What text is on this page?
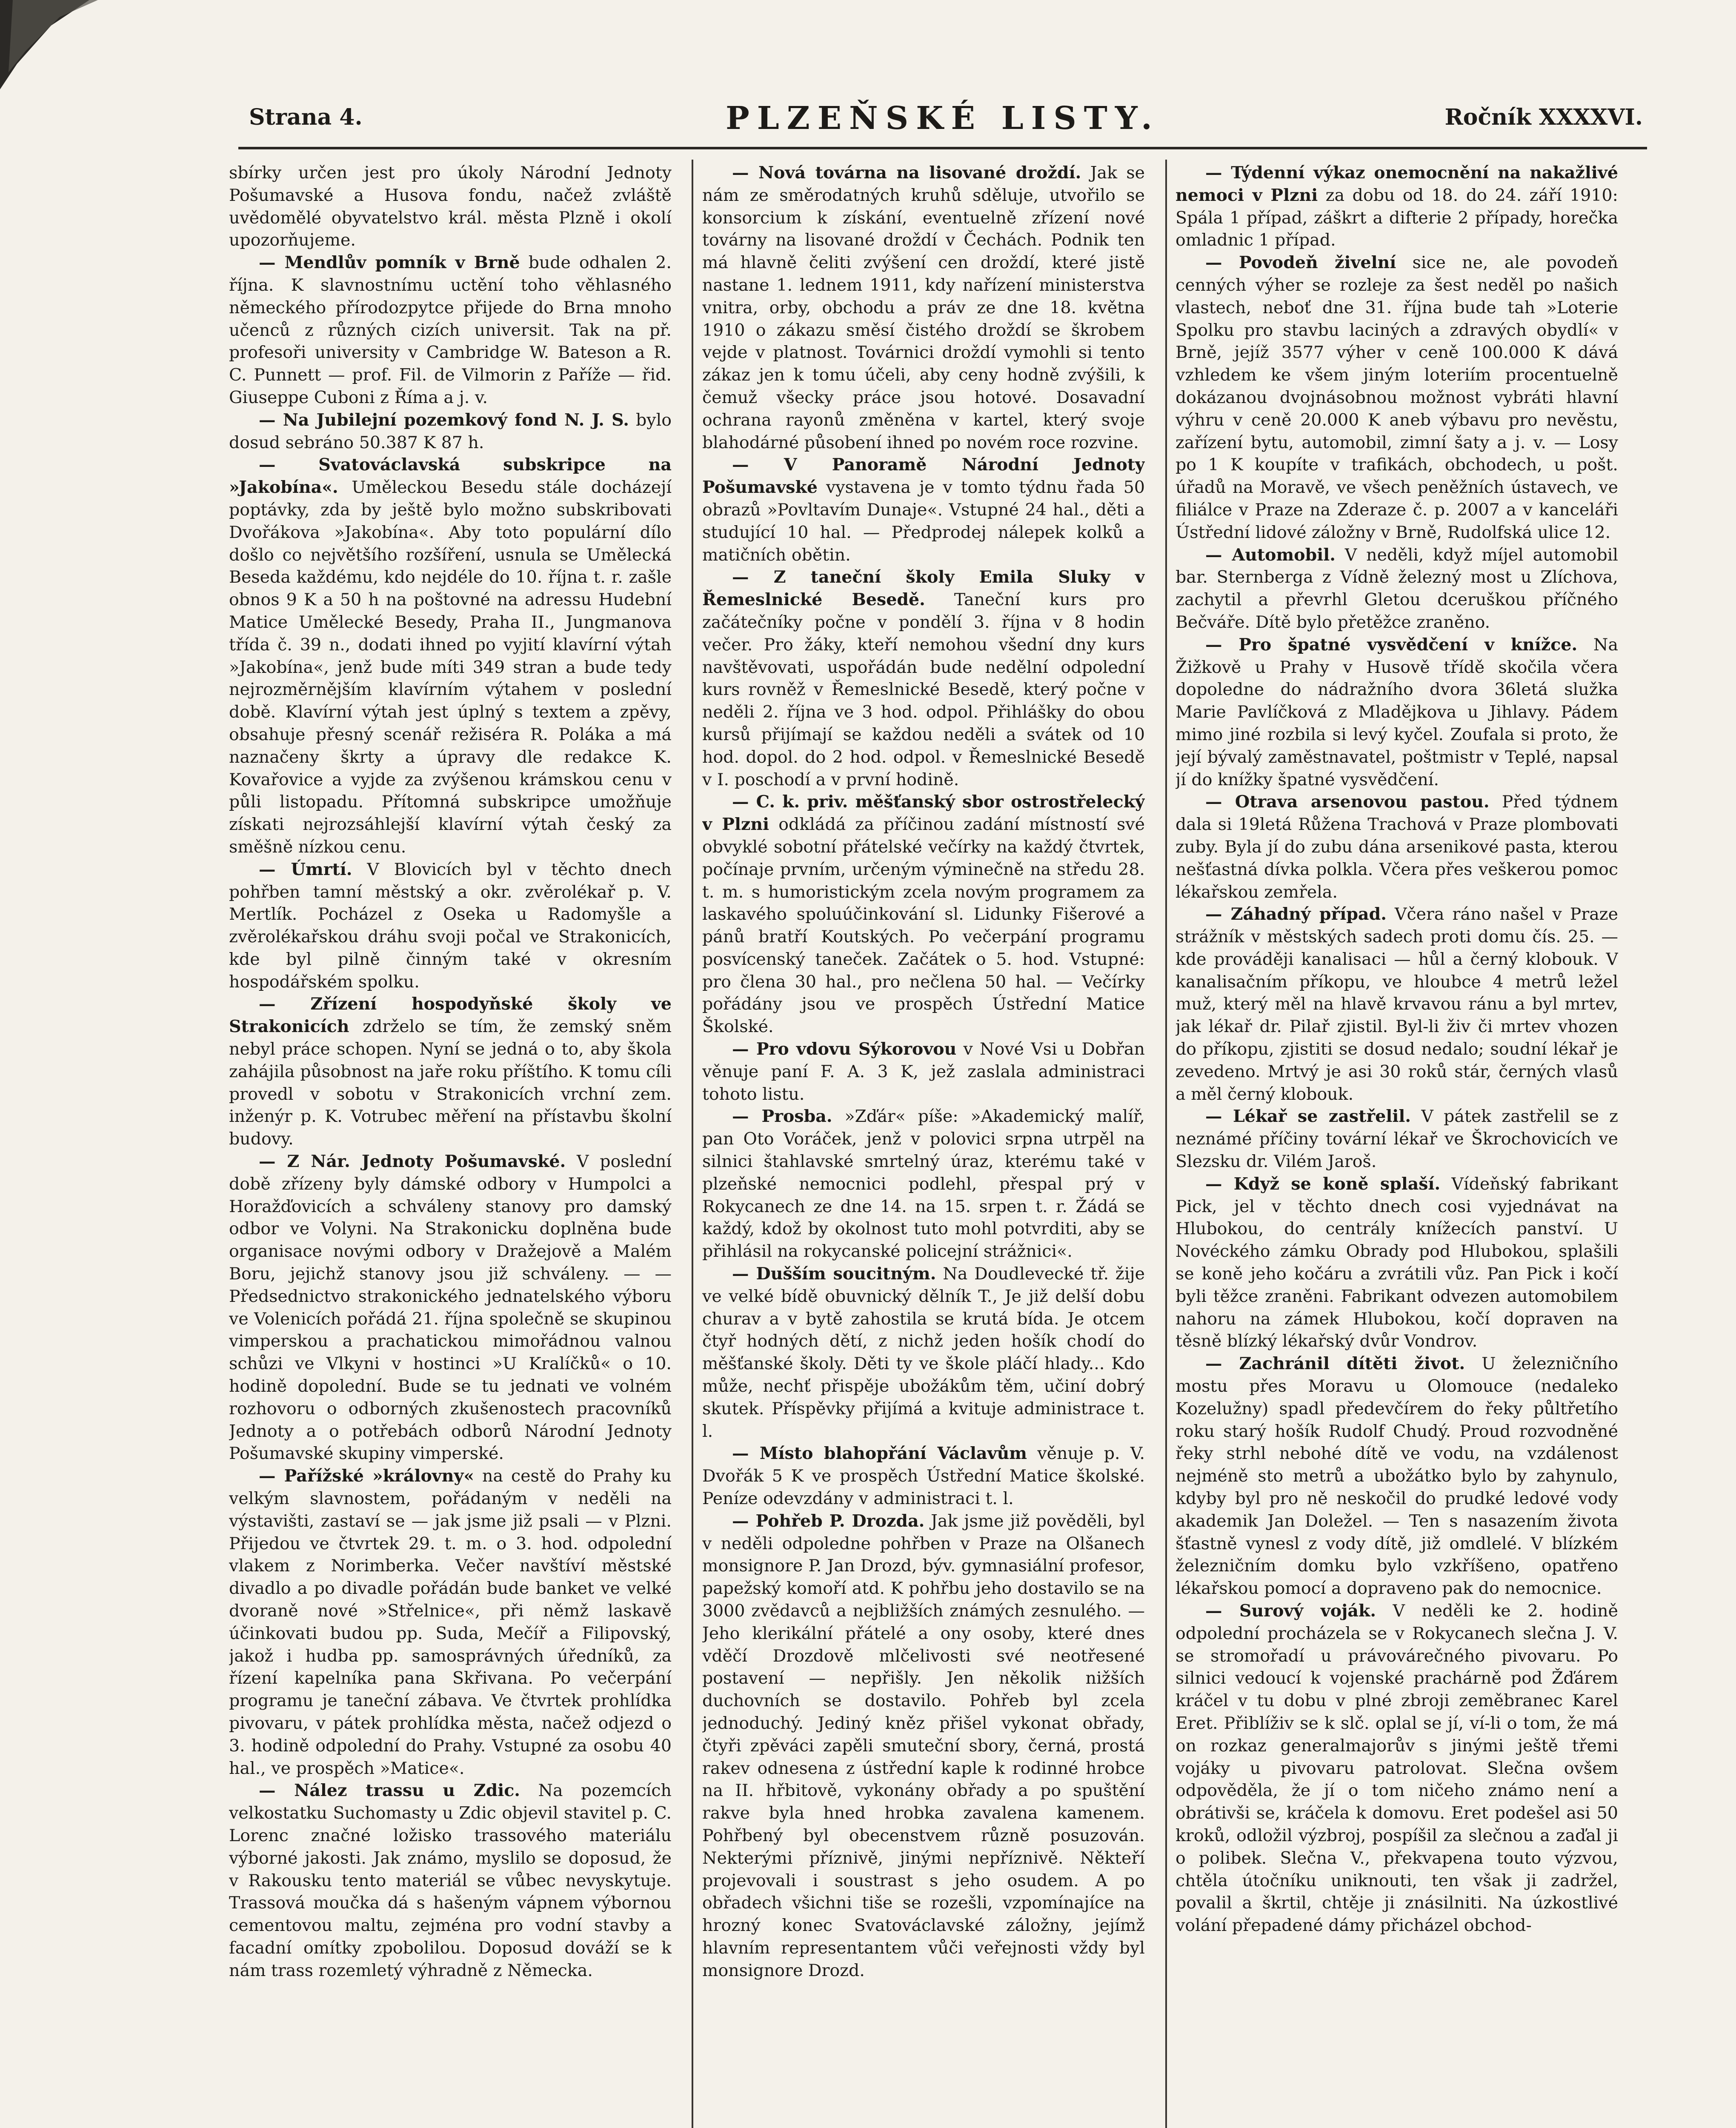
Strana 4.	PLZEŇSKÉ LISTY.	Ročník XXXXVI.

sbírky určen jest pro úkoly Národní Jednoty Pošumavské a Husova fondu, načež zvláště uvědomělé obyvatelstvo král. města Plzně i okolí upozorňujeme.

— Mendlův pomník v Brně bude odhalen 2. října. K slavnostnímu uctění toho věhlasného německého přírodozpytce přijede do Brna mnoho učenců z různých cizích universit. Tak na př. profesoři university v Cambridge W. Bateson a R. C. Punnett — prof. Fil. de Vilmorin z Paříže — řid. Giuseppe Cuboni z Říma a j. v.

— Na Jubilejní pozemkový fond N. J. S. bylo dosud sebráno 50.387 K 87 h.

— Svatováclavská subskripce na »Jakobína«. Uměleckou Besedu stále docházejí poptávky, zda by ještě bylo možno subskribovati Dvořákova »Jakobína«. Aby toto populární dílo došlo co největšího rozšíření, usnula se Umělecká Beseda každému, kdo nejdéle do 10. října t. r. zašle obnos 9 K a 50 h na poštovné na adressu Hudební Matice Umělecké Besedy, Praha II., Jungmanova třída č. 39 n., dodati ihned po vyjití klavírní výtah »Jakobína«, jenž bude míti 349 stran a bude tedy nejrozměrnějším klavírním výtahem v poslední době. Klavírní výtah jest úplný s textem a zpěvy, obsahuje přesný scenář režiséra R. Poláka a má naznačeny škrty a úpravy dle redakce K. Kovařovice a vyjde za zvýšenou krámskou cenu v půli listopadu. Přítomná subskripce umožňuje získati nejrozsáhlejší klavírní výtah český za směšně nízkou cenu.

— Úmrtí. V Blovicích byl v těchto dnech pohřben tamní městský a okr. zvěrolékař p. V. Mertlík. Pocházel z Oseka u Radomyšle a zvěrolékařskou dráhu svoji počal ve Strakonicích, kde byl pilně činným také v okresním hospodářském spolku.

— Zřízení hospodyňské školy ve Strakonicích zdrželo se tím, že zemský sněm nebyl práce schopen. Nyní se jedná o to, aby škola zahájila působnost na jaře roku příštího. K tomu cíli provedl v sobotu v Strakonicích vrchní zem. inženýr p. K. Votrubec měření na přístavbu školní budovy.

— Z Nár. Jednoty Pošumavské. V poslední době zřízeny byly dámské odbory v Humpolci a Horažďovicích a schváleny stanovy pro damský odbor ve Volyni. Na Strakonicku doplněna bude organisace novými odbory v Dražejově a Malém Boru, jejichž stanovy jsou již schváleny. — — Předsednictvo strakonického jednatelského výboru ve Volenicích pořádá 21. října společně se skupinou vimperskou a prachatickou mimořádnou valnou schůzi ve Vlkyni v hostinci »U Kralíčků« o 10. hodině dopolední. Bude se tu jednati ve volném rozhovoru o odborných zkušenostech pracovníků Jednoty a o potřebách odborů Národní Jednoty Pošumavské skupiny vimperské.

— Pařížské »královny« na cestě do Prahy ku velkým slavnostem, pořádaným v neděli na výstavišti, zastaví se — jak jsme již psali — v Plzni. Přijedou ve čtvrtek 29. t. m. o 3. hod. odpolední vlakem z Norimberka. Večer navštíví městské divadlo a po divadle pořádán bude banket ve velké dvoraně nové »Střelnice«, při němž laskavě účinkovati budou pp. Suda, Mečíř a Filipovský, jakož i hudba pp. samosprávných úředníků, za řízení kapelníka pana Skřivana. Po večerpání programu je taneční zábava. Ve čtvrtek prohlídka pivovaru, v pátek prohlídka města, načež odjezd o 3. hodině odpolední do Prahy. Vstupné za osobu 40 hal., ve prospěch »Matice«.

— Nález trassu u Zdic. Na pozemcích velkostatku Suchomasty u Zdic objevil stavitel p. C. Lorenc značné ložisko trassového materiálu výborné jakosti. Jak známo, myslilo se doposud, že v Rakousku tento materiál se vůbec nevyskytuje. Trassová moučka dá s hašeným vápnem výbornou cementovou maltu, zejména pro vodní stavby a facadní omítky zpobolilou. Doposud dováží se k nám trass rozemletý výhradně z Německa.

— Nová továrna na lisované droždí. Jak se nám ze směrodatných kruhů sděluje, utvořilo se konsorcium k získání, eventuelně zřízení nové továrny na lisované droždí v Čechách. Podnik ten má hlavně čeliti zvýšení cen droždí, které jistě nastane 1. lednem 1911, kdy nařízení ministerstva vnitra, orby, obchodu a práv ze dne 18. května 1910 o zákazu směsí čistého droždí se škrobem vejde v platnost. Továrnici droždí vymohli si tento zákaz jen k tomu účeli, aby ceny hodně zvýšili, k čemuž všecky práce jsou hotové. Dosavadní ochrana rayonů změněna v kartel, který svoje blahodárné působení ihned po novém roce rozvine.

— V Panoramě Národní Jednoty Pošumavské vystavena je v tomto týdnu řada 50 obrazů »Povltavím Dunaje«. Vstupné 24 hal., děti a studující 10 hal. — Předprodej nálepek kolků a matičních obětin.

— Z taneční školy Emila Sluky v Řemeslnické Besedě. Taneční kurs pro začátečníky počne v pondělí 3. října v 8 hodin večer. Pro žáky, kteří nemohou všední dny kurs navštěvovati, uspořádán bude nedělní odpolední kurs rovněž v Řemeslnické Besedě, který počne v neděli 2. října ve 3 hod. odpol. Přihlášky do obou kursů přijímají se každou neděli a svátek od 10 hod. dopol. do 2 hod. odpol. v Řemeslnické Besedě v I. poschodí a v první hodině.

— C. k. priv. měšťanský sbor ostrostřelecký v Plzni odkládá za příčinou zadání místností své obvyklé sobotní přátelské večírky na každý čtvrtek, počínaje prvním, určeným výminečně na středu 28. t. m. s humoristickým zcela novým programem za laskavého spoluúčinkování sl. Lidunky Fišerové a pánů bratří Koutských. Po večerpání programu posvícenský taneček. Začátek o 5. hod. Vstupné: pro člena 30 hal., pro nečlena 50 hal. — Večírky pořádány jsou ve prospěch Ústřední Matice Školské.

— Pro vdovu Sýkorovou v Nové Vsi u Dobřan věnuje paní F. A. 3 K, jež zaslala administraci tohoto listu.

— Prosba. »Zďár« píše: »Akademický malíř, pan Oto Voráček, jenž v polovici srpna utrpěl na silnici štahlavské smrtelný úraz, kterému také v plzeňské nemocnici podlehl, přespal prý v Rokycanech ze dne 14. na 15. srpen t. r. Žádá se každý, kdož by okolnost tuto mohl potvrditi, aby se přihlásil na rokycanské policejní strážnici«.

— Dušším soucitným. Na Doudlevecké tř. žije ve velké bídě obuvnický dělník T., Je již delší dobu churav a v bytě zahostila se krutá bída. Je otcem čtyř hodných dětí, z nichž jeden hošík chodí do měšťanské školy. Děti ty ve škole pláčí hlady... Kdo může, nechť přispěje ubožákům těm, učiní dobrý skutek. Příspěvky přijímá a kvituje administrace t. l.

— Místo blahopřání Václavům věnuje p. V. Dvořák 5 K ve prospěch Ústřední Matice školské. Peníze odevzdány v administraci t. l.

— Pohřeb P. Drozda. Jak jsme již pověděli, byl v neděli odpoledne pohřben v Praze na Olšanech monsignore P. Jan Drozd, býv. gymnasiální profesor, papežský komoří atd. K pohřbu jeho dostavilo se na 3000 zvědavců a nejbližších známých zesnulého. — Jeho klerikální přátelé a ony osoby, které dnes vděčí Drozdově mlčelivosti své neotřesené postavení — nepřišly. Jen několik nižších duchovních se dostavilo. Pohřeb byl zcela jednoduchý. Jediný kněz přišel vykonat obřady, čtyři zpěváci zapěli smuteční sbory, černá, prostá rakev odnesena z ústřední kaple k rodinné hrobce na II. hřbitově, vykonány obřady a po spuštění rakve byla hned hrobka zavalena kamenem. Pohřbený byl obecenstvem různě posuzován. Nekterými příznivě, jinými nepříznivě. Někteří projevovali i soustrast s jeho osudem. A po obřadech všichni tiše se rozešli, vzpomínajíce na hrozný konec Svatováclavské záložny, jejímž hlavním representantem vůči veřejnosti vždy byl monsignore Drozd.

— Týdenní výkaz onemocnění na nakažlivé nemoci v Plzni za dobu od 18. do 24. září 1910: Spála 1 případ, záškrt a difterie 2 případy, horečka omladnic 1 případ.

— Povodeň živelní sice ne, ale povodeň cenných výher se rozleje za šest neděl po našich vlastech, neboť dne 31. října bude tah »Loterie Spolku pro stavbu laciných a zdravých obydlí« v Brně, jejíž 3577 výher v ceně 100.000 K dává vzhledem ke všem jiným loteriím procentuelně dokázanou dvojnásobnou možnost vybráti hlavní výhru v ceně 20.000 K aneb výbavu pro nevěstu, zařízení bytu, automobil, zimní šaty a j. v. — Losy po 1 K koupíte v trafikách, obchodech, u pošt. úřadů na Moravě, ve všech peněžních ústavech, ve filiálce v Praze na Zderaze č. p. 2007 a v kanceláři Ústřední lidové záložny v Brně, Rudolfská ulice 12.

— Automobil. V neděli, když míjel automobil bar. Sternberga z Vídně železný most u Zlíchova, zachytil a převrhl Gletou dceruškou příčného Bečváře. Dítě bylo přetěžce zraněno.

— Pro špatné vysvědčení v knížce. Na Žižkově u Prahy v Husově třídě skočila včera dopoledne do nádražního dvora 36letá služka Marie Pavlíčková z Mladějkova u Jihlavy. Pádem mimo jiné rozbila si levý kyčel. Zoufala si proto, že její bývalý zaměstnavatel, poštmistr v Teplé, napsal jí do knížky špatné vysvědčení.

— Otrava arsenovou pastou. Před týdnem dala si 19letá Růžena Trachová v Praze plombovati zuby. Byla jí do zubu dána arsenikové pasta, kterou nešťastná dívka polkla. Včera přes veškerou pomoc lékařskou zemřela.

— Záhadný případ. Včera ráno našel v Praze strážník v městských sadech proti domu čís. 25. — kde prováději kanalisaci — hůl a černý klobouk. V kanalisačním příkopu, ve hloubce 4 metrů ležel muž, který měl na hlavě krvavou ránu a byl mrtev, jak lékař dr. Pilař zjistil. Byl-li živ či mrtev vhozen do příkopu, zjistiti se dosud nedalo; soudní lékař je zevedeno. Mrtvý je asi 30 roků stár, černých vlasů a měl černý klobouk.

— Lékař se zastřelil. V pátek zastřelil se z neznámé příčiny tovární lékař ve Škrochovicích ve Slezsku dr. Vilém Jaroš.

— Když se koně splaší. Vídeňský fabrikant Pick, jel v těchto dnech cosi vyjednávat na Hlubokou, do centrály knížecích panství. U Novéckého zámku Obrady pod Hlubokou, splašili se koně jeho kočáru a zvrátili vůz. Pan Pick i kočí byli těžce zraněni. Fabrikant odvezen automobilem nahoru na zámek Hlubokou, kočí dopraven na těsně blízký lékařský dvůr Vondrov.

— Zachránil dítěti život. U železničního mostu přes Moravu u Olomouce (nedaleko Kozelužny) spadl předevčírem do řeky půltřetího roku starý hošík Rudolf Chudý. Proud rozvodněné řeky strhl nebohé dítě ve vodu, na vzdálenost nejméně sto metrů a ubožátko bylo by zahynulo, kdyby byl pro ně neskočil do prudké ledové vody akademik Jan Doležel. — Ten s nasazením života šťastně vynesl z vody dítě, již omdlelé. V blízkém železničním domku bylo vzkříšeno, opatřeno lékařskou pomocí a dopraveno pak do nemocnice.

— Surový voják. V neděli ke 2. hodině odpolední procházela se v Rokycanech slečna J. V. se stromořadí u právovárečného pivovaru. Po silnici vedoucí k vojenské prachárně pod Žďárem kráčel v tu dobu v plné zbroji zeměbranec Karel Eret. Přiblíživ se k slč. oplal se jí, ví-li o tom, že má on rozkaz generalmajorův s jinými ještě třemi vojáky u pivovaru patrolovat. Slečna ovšem odpověděla, že jí o tom ničeho známo není a obrátivši se, kráčela k domovu. Eret podešel asi 50 kroků, odložil výzbroj, pospíšil za slečnou a zaďal ji o polibek. Slečna V., překvapena touto výzvou, chtěla útočníku uniknouti, ten však ji zadržel, povalil a škrtil, chtěje ji znásilniti. Na úzkostlivé volání přepadené dámy přicházel obchod-
